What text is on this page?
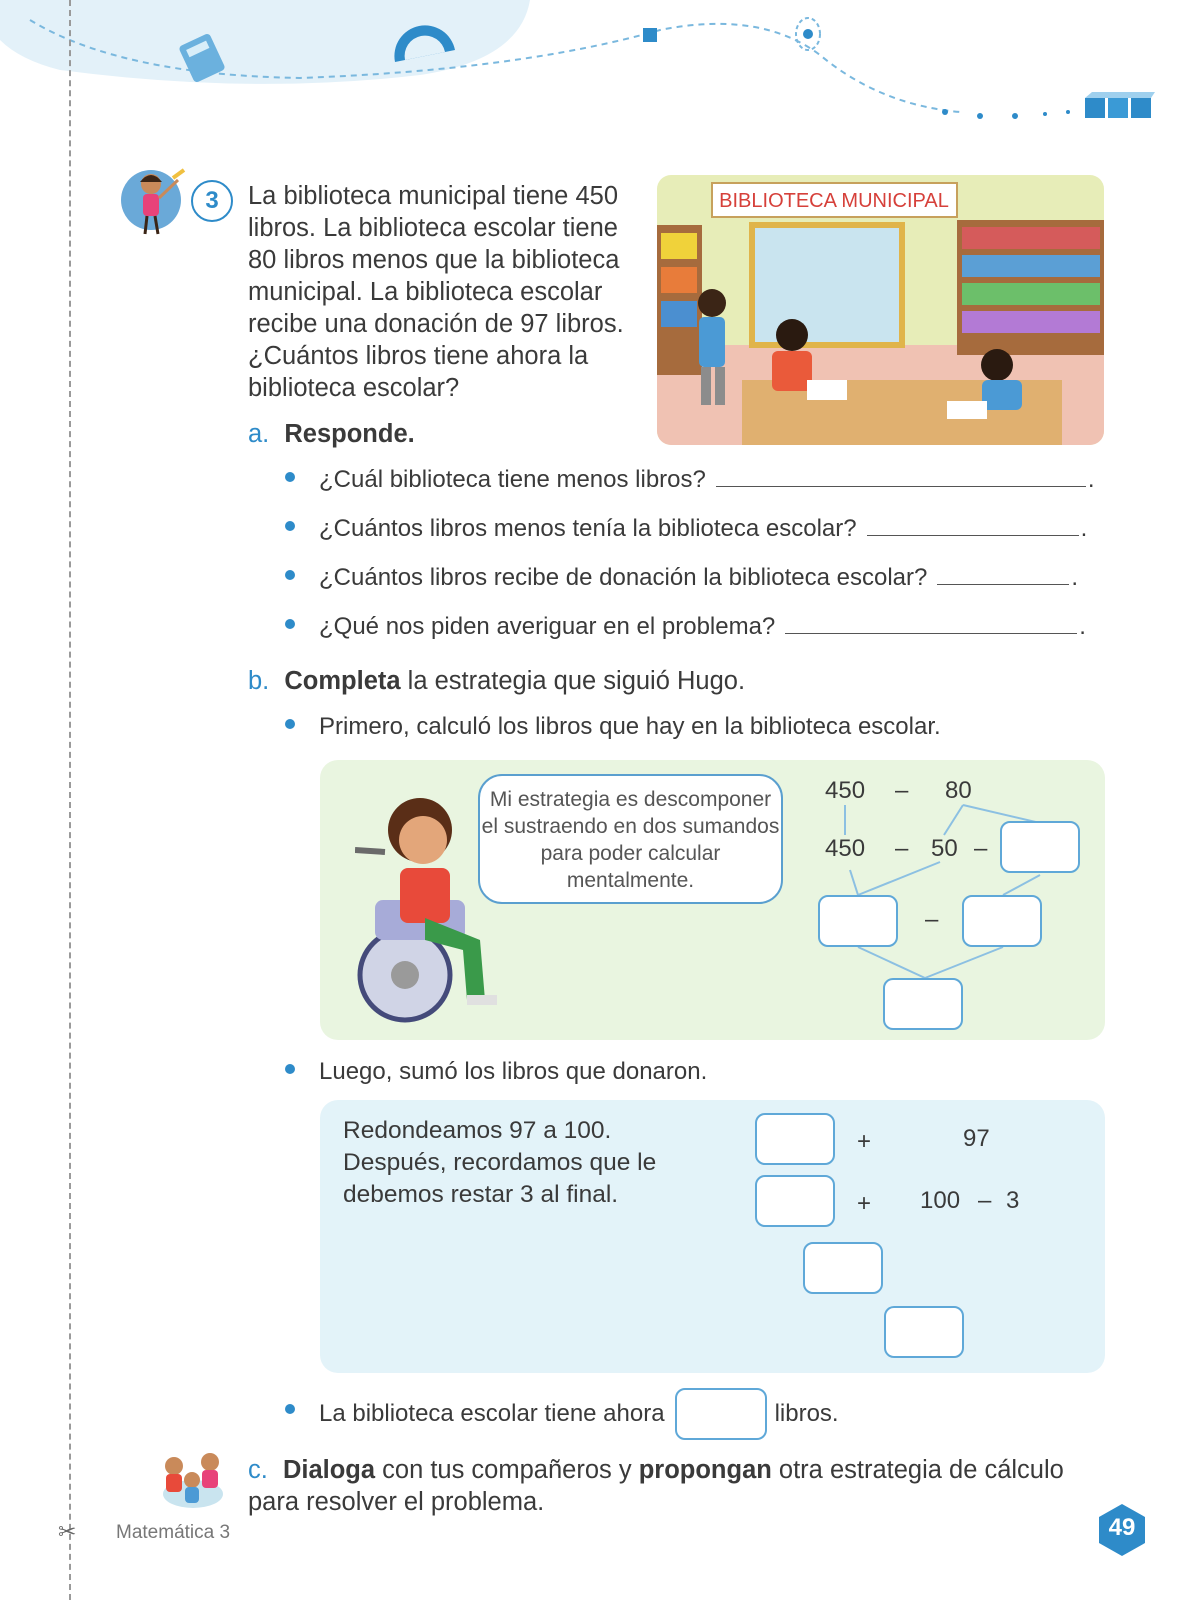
✂
3	La biblioteca municipal tiene 450 libros. La biblioteca escolar tiene 80 libros menos que la biblioteca municipal. La biblioteca escolar recibe una donación de 97 libros. ¿Cuántos libros tiene ahora la biblioteca escolar?
BIBLIOTECA MUNICIPAL
a. Responde.
¿Cuál biblioteca tiene menos libros?	.
¿Cuántos libros menos tenía la biblioteca escolar?	.
¿Cuántos libros recibe de donación la biblioteca escolar?	.
¿Qué nos piden averiguar en el problema?	.
b. Completa la estrategia que siguió Hugo.
Primero, calculó los libros que hay en la biblioteca escolar.
Mi estrategia es descomponer el sustraendo en dos sumandos para poder calcular mentalmente.
450 – 80
450 – 50 –
–
Luego, sumó los libros que donaron.
Redondeamos 97 a 100. Después, recordamos que le debemos restar 3 al final.
+	97
+ 100 – 3
La biblioteca escolar tiene ahora	libros.
c. Dialoga con tus compañeros y propongan otra estrategia de cálculo para resolver el problema.
Matemática 3	49
